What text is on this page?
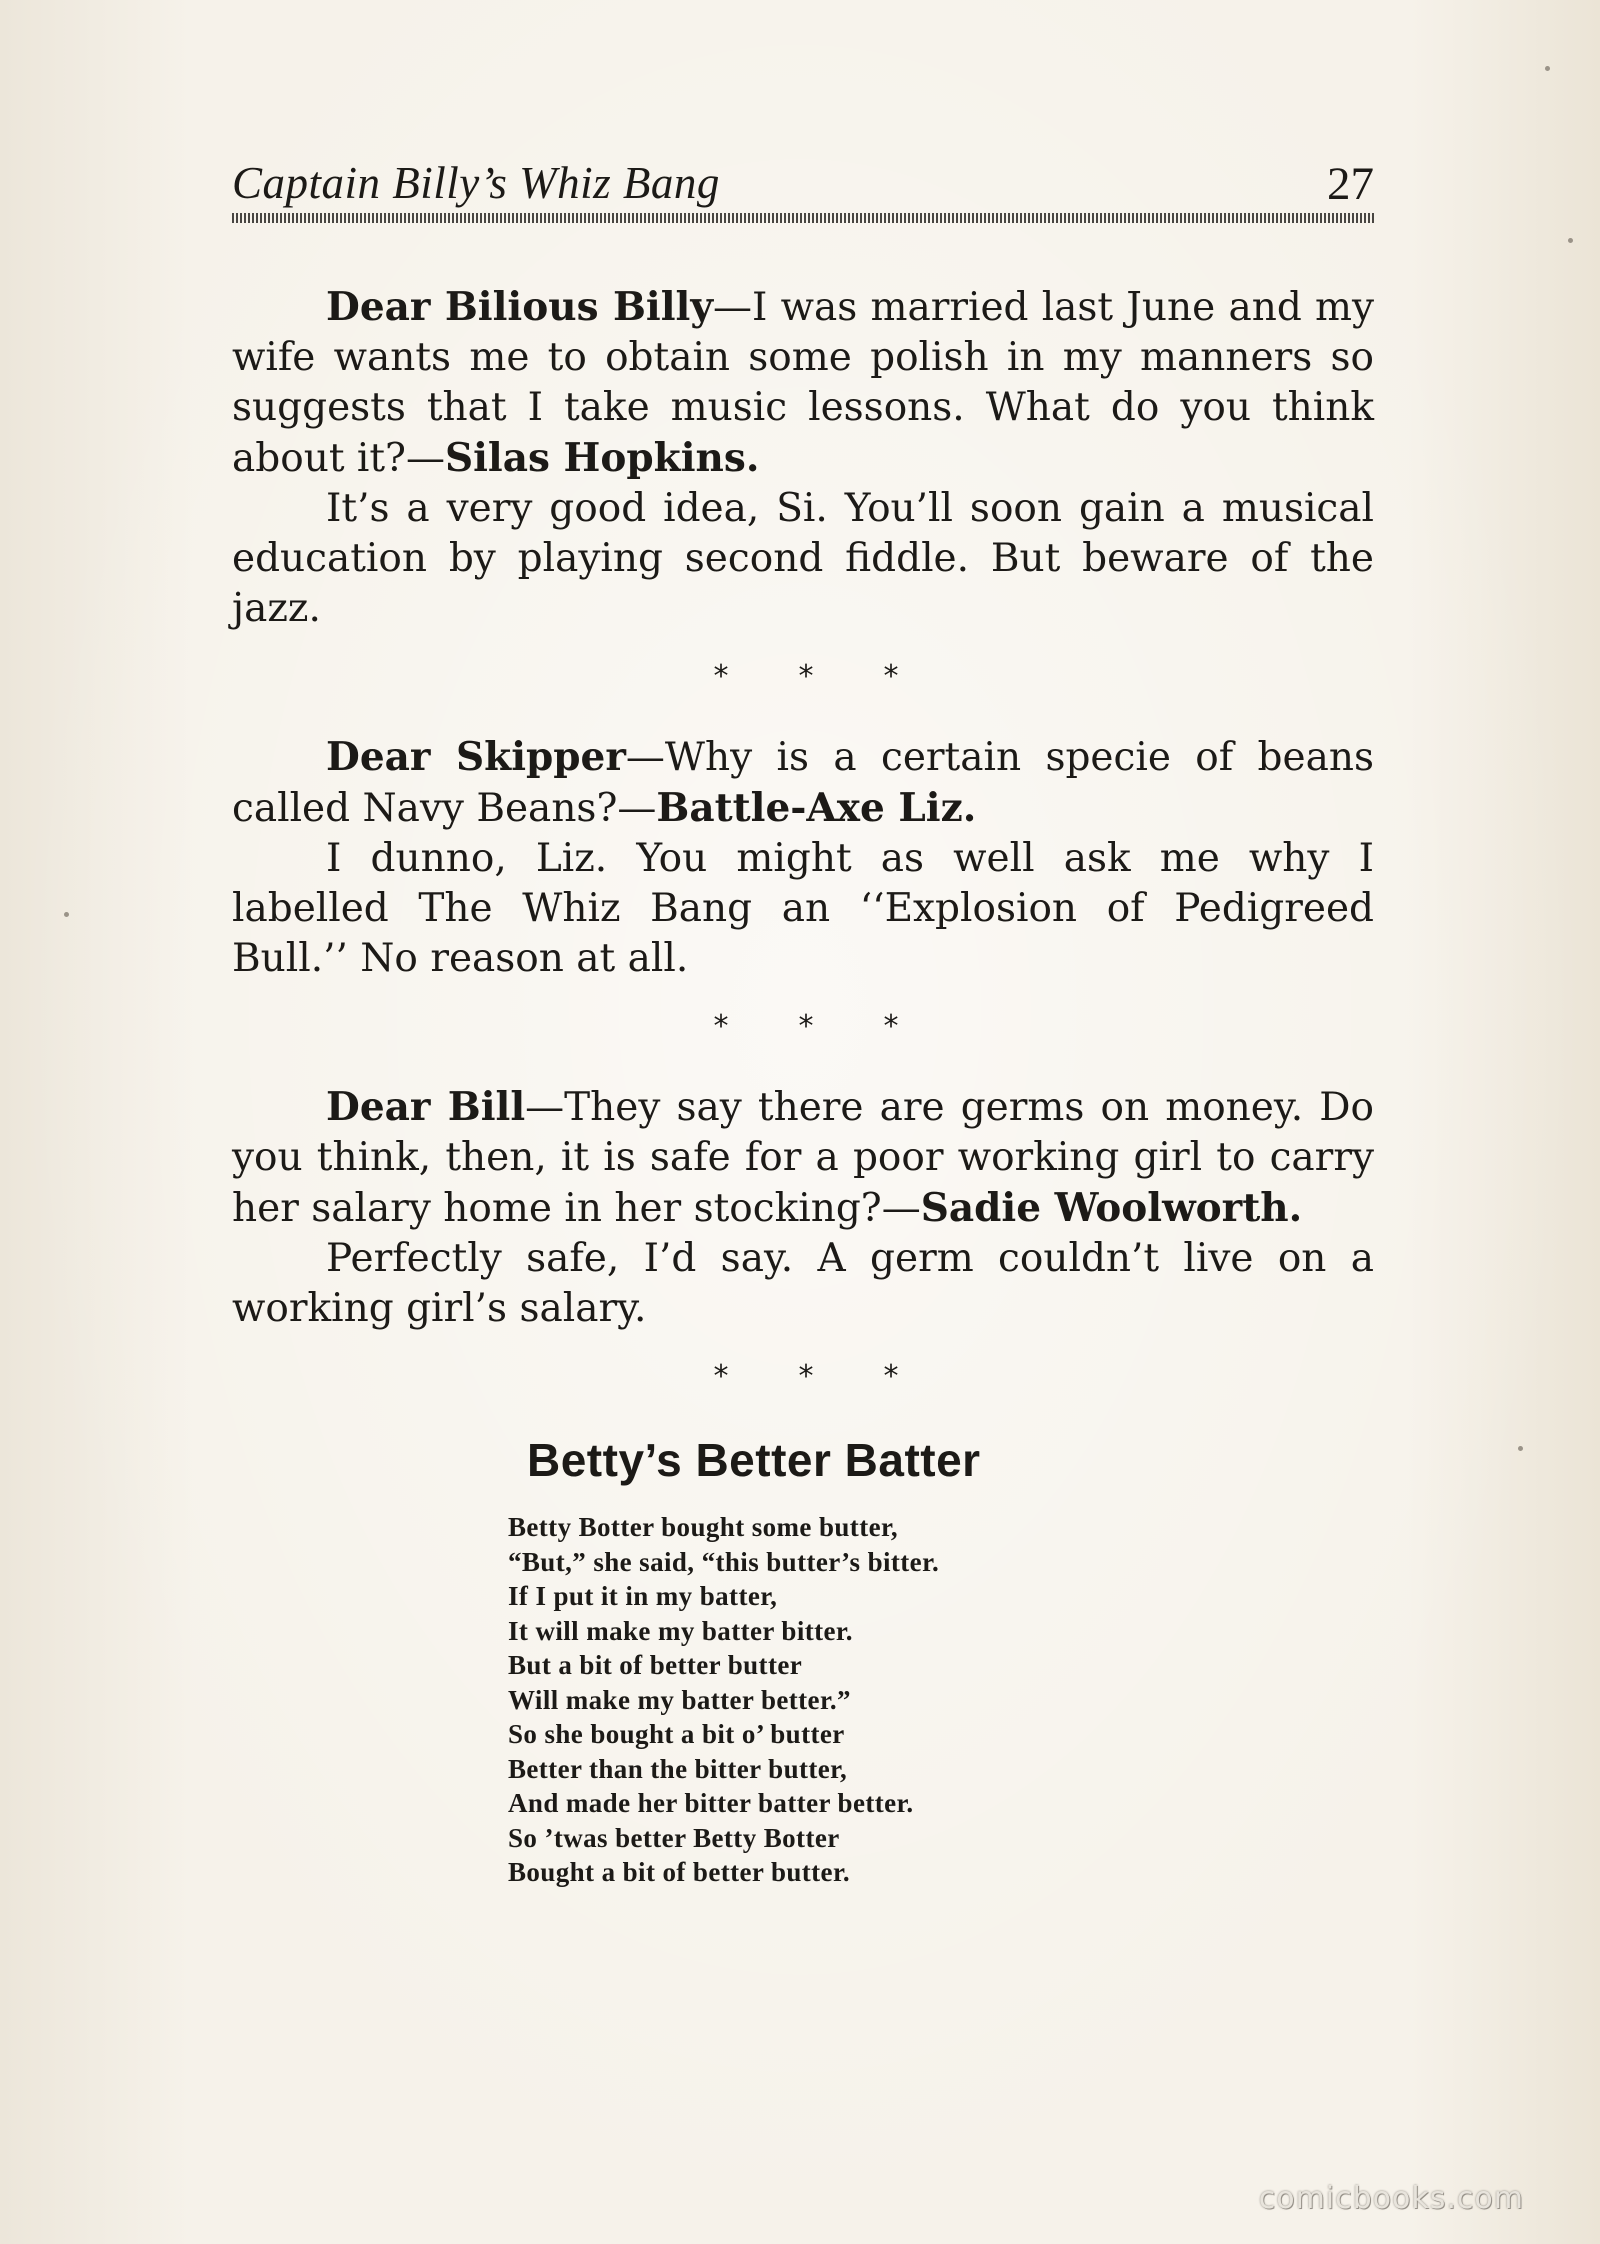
Captain Billy’s Whiz Bang	27

Dear Bilious Billy—I was married last June and my wife wants me to obtain some polish in my manners so suggests that I take music lessons. What do you think about it?—Silas Hopkins.

It’s a very good idea, Si. You’ll soon gain a musical education by playing second fiddle. But beware of the jazz.

* * *

Dear Skipper—Why is a certain specie of beans called Navy Beans?—Battle-Axe Liz.

I dunno, Liz. You might as well ask me why I labelled The Whiz Bang an ‘‘Explosion of Pedigreed Bull.’’ No reason at all.

* * *

Dear Bill—They say there are germs on money. Do you think, then, it is safe for a poor working girl to carry her salary home in her stocking?—Sadie Woolworth.

Perfectly safe, I’d say. A germ couldn’t live on a working girl’s salary.

* * *
Betty’s Better Batter
Betty Botter bought some butter,
“But,” she said, “this butter’s bitter.
If I put it in my batter,
It will make my batter bitter.
But a bit of better butter
Will make my batter better.”
So she bought a bit o’ butter
Better than the bitter butter,
And made her bitter batter better.
So ’twas better Betty Botter
Bought a bit of better butter.
comicbooks.com
